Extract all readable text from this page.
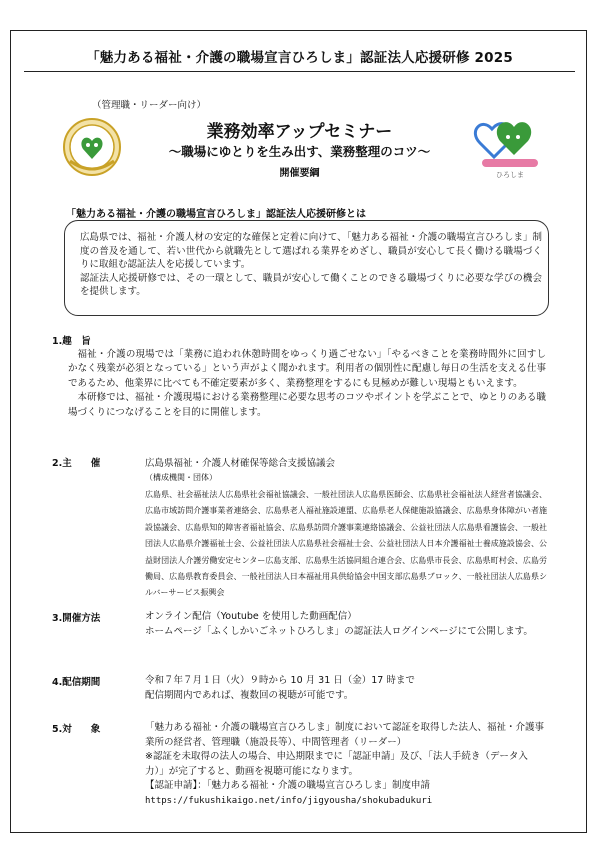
「魅力ある福祉・介護の職場宣言ひろしま」認証法人応援研修 2025
（管理職・リーダー向け）
ひろしま
業務効率アップセミナー
～職場にゆとりを生み出す、業務整理のコツ～
開催要綱
「魅力ある福祉・介護の職場宣言ひろしま」認証法人応援研修とは

広島県では、福祉・介護人材の安定的な確保と定着に向けて、「魅力ある福祉・介護の職場宣言ひろしま」制度の普及を通して、若い世代から就職先として選ばれる業界をめざし、職員が安心して長く働ける職場づくりに取組む認証法人を応援しています。

認証法人応援研修では、その一環として、職員が安心して働くことのできる職場づくりに必要な学びの機会を提供します。

1.趣　旨

福祉・介護の現場では「業務に追われ休憩時間をゆっくり過ごせない」「やるべきことを業務時間外に回すしかなく残業が必須となっている」という声がよく聞かれます。利用者の個別性に配慮し毎日の生活を支える仕事であるため、他業界に比べても不確定要素が多く、業務整理をするにも見極めが難しい現場ともいえます。

本研修では、福祉・介護現場における業務整理に必要な思考のコツやポイントを学ぶことで、ゆとりのある職場づくりにつなげることを目的に開催します。

2.主　　催	広島県福祉・介護人材確保等総合支援協議会
（構成機関・団体）
広島県、社会福祉法人広島県社会福祉協議会、一般社団法人広島県医師会、広島県社会福祉法人経営者協議会、広島市域訪問介護事業者連絡会、広島県老人福祉施設連盟、広島県老人保健施設協議会、広島県身体障がい者施設協議会、広島県知的障害者福祉協会、広島県訪問介護事業連絡協議会、公益社団法人広島県看護協会、一般社団法人広島県介護福祉士会、公益社団法人広島県社会福祉士会、公益社団法人日本介護福祉士養成施設協会、公益財団法人介護労働安定センター広島支部、広島県生活協同組合連合会、広島県市長会、広島県町村会、広島労働局、広島県教育委員会、一般社団法人日本福祉用具供給協会中国支部広島県ブロック、一般社団法人広島県シルバーサービス振興会
3.開催方法	オンライン配信（Youtube を使用した動画配信）

ホームページ「ふくしかいごネットひろしま」の認証法人ログインページにて公開します。

4.配信期間	令和７年７月１日（火）９時から 10 月 31 日（金）17 時まで

配信期間内であれば、複数回の視聴が可能です。

5.対　　象	「魅力ある福祉・介護の職場宣言ひろしま」制度において認証を取得した法人、福祉・介護事業所の経営者、管理職（施設長等）、中間管理者（リーダー）

※認証を未取得の法人の場合、申込期限までに「認証申請」及び、「法人手続き（データ入力）」が完了すると、動画を視聴可能になります。

【認証申請】：「魅力ある福祉・介護の職場宣言ひろしま」制度申請

https://fukushikaigo.net/info/jigyousha/shokubadukuri
